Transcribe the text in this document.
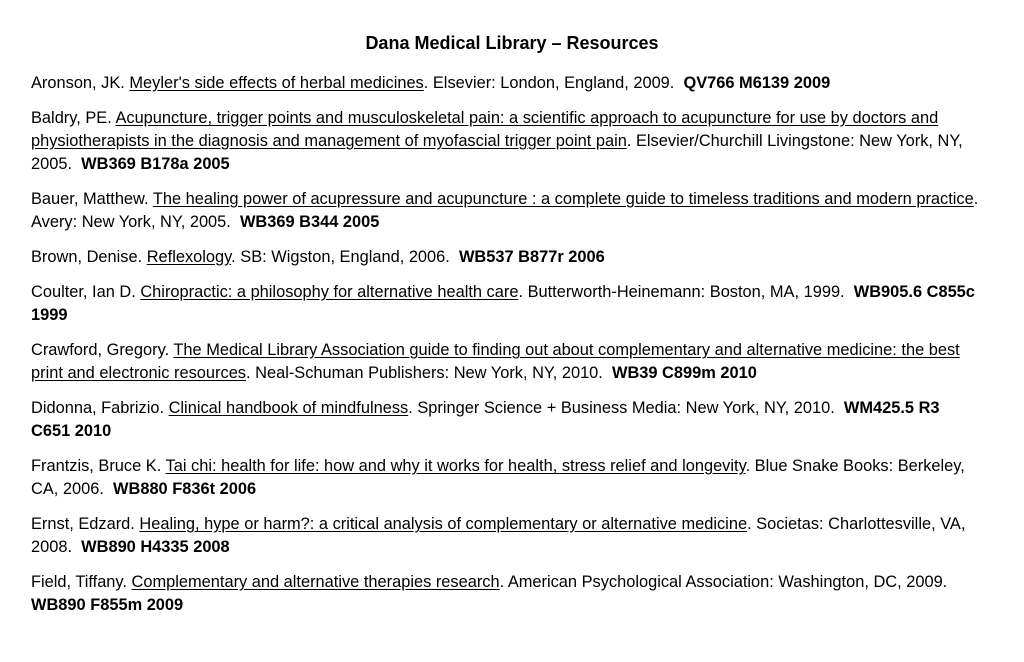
Dana Medical Library – Resources

Aronson, JK. Meyler's side effects of herbal medicines. Elsevier: London, England, 2009. QV766 M6139 2009

Baldry, PE. Acupuncture, trigger points and musculoskeletal pain: a scientific approach to acupuncture for use by doctors and physiotherapists in the diagnosis and management of myofascial trigger point pain. Elsevier/Churchill Livingstone: New York, NY, 2005. WB369 B178a 2005

Bauer, Matthew. The healing power of acupressure and acupuncture : a complete guide to timeless traditions and modern practice. Avery: New York, NY, 2005. WB369 B344 2005

Brown, Denise. Reflexology. SB: Wigston, England, 2006. WB537 B877r 2006

Coulter, Ian D. Chiropractic: a philosophy for alternative health care. Butterworth-Heinemann: Boston, MA, 1999. WB905.6 C855c 1999

Crawford, Gregory. The Medical Library Association guide to finding out about complementary and alternative medicine: the best print and electronic resources. Neal-Schuman Publishers: New York, NY, 2010. WB39 C899m 2010

Didonna, Fabrizio. Clinical handbook of mindfulness. Springer Science + Business Media: New York, NY, 2010. WM425.5 R3 C651 2010

Frantzis, Bruce K. Tai chi: health for life: how and why it works for health, stress relief and longevity. Blue Snake Books: Berkeley, CA, 2006. WB880 F836t 2006

Ernst, Edzard. Healing, hype or harm?: a critical analysis of complementary or alternative medicine. Societas: Charlottesville, VA, 2008. WB890 H4335 2008

Field, Tiffany. Complementary and alternative therapies research. American Psychological Association: Washington, DC, 2009.  WB890 F855m 2009
